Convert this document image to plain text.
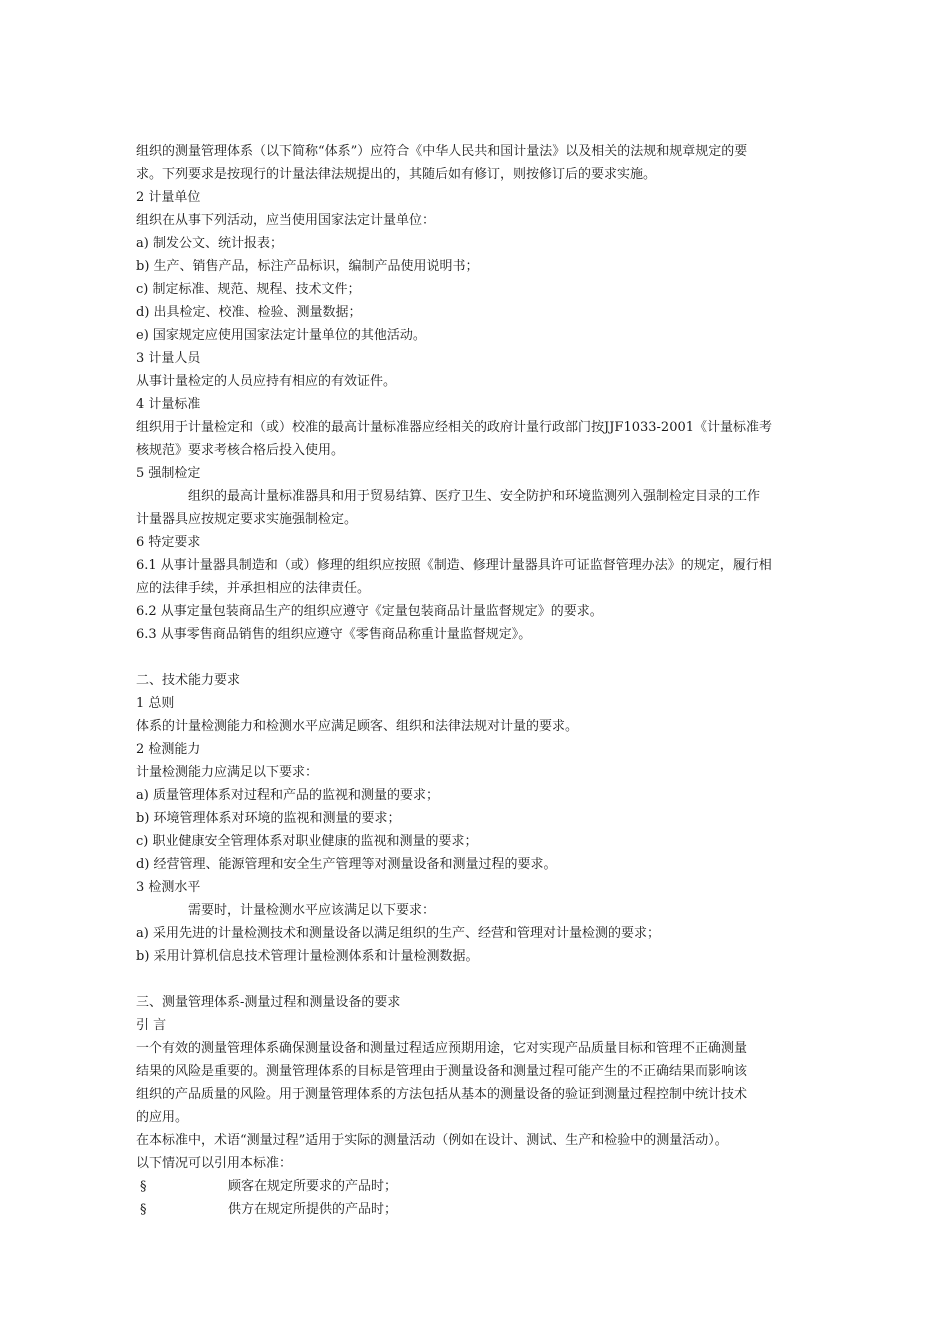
组织的测量管理体系（以下简称“体系”）应符合《中华人民共和国计量法》以及相关的法规和规章规定的要

求。下列要求是按现行的计量法律法规提出的，其随后如有修订，则按修订后的要求实施。

2 计量单位

组织在从事下列活动，应当使用国家法定计量单位：

a) 制发公文、统计报表；

b) 生产、销售产品，标注产品标识，编制产品使用说明书；

c) 制定标准、规范、规程、技术文件；

d) 出具检定、校准、检验、测量数据；

e) 国家规定应使用国家法定计量单位的其他活动。

3 计量人员

从事计量检定的人员应持有相应的有效证件。

4 计量标准

组织用于计量检定和（或）校准的最高计量标准器应经相关的政府计量行政部门按JJF1033-2001《计量标准考

核规范》要求考核合格后投入使用。

5 强制检定

组织的最高计量标准器具和用于贸易结算、医疗卫生、安全防护和环境监测列入强制检定目录的工作

计量器具应按规定要求实施强制检定。

6 特定要求

6.1 从事计量器具制造和（或）修理的组织应按照《制造、修理计量器具许可证监督管理办法》的规定，履行相

应的法律手续，并承担相应的法律责任。

6.2 从事定量包装商品生产的组织应遵守《定量包装商品计量监督规定》的要求。

6.3 从事零售商品销售的组织应遵守《零售商品称重计量监督规定》。

二、技术能力要求

1 总则

体系的计量检测能力和检测水平应满足顾客、组织和法律法规对计量的要求。

2 检测能力

计量检测能力应满足以下要求：

a) 质量管理体系对过程和产品的监视和测量的要求；

b) 环境管理体系对环境的监视和测量的要求；

c) 职业健康安全管理体系对职业健康的监视和测量的要求；

d) 经营管理、能源管理和安全生产管理等对测量设备和测量过程的要求。

3 检测水平

需要时，计量检测水平应该满足以下要求：

a) 采用先进的计量检测技术和测量设备以满足组织的生产、经营和管理对计量检测的要求；

b) 采用计算机信息技术管理计量检测体系和计量检测数据。

三、测量管理体系-测量过程和测量设备的要求

引 言

一个有效的测量管理体系确保测量设备和测量过程适应预期用途，它对实现产品质量目标和管理不正确测量

结果的风险是重要的。测量管理体系的目标是管理由于测量设备和测量过程可能产生的不正确结果而影响该

组织的产品质量的风险。用于测量管理体系的方法包括从基本的测量设备的验证到测量过程控制中统计技术

的应用。

在本标准中，术语“测量过程”适用于实际的测量活动（例如在设计、测试、生产和检验中的测量活动）。

以下情况可以引用本标准：

§	顾客在规定所要求的产品时；
§	供方在规定所提供的产品时；
